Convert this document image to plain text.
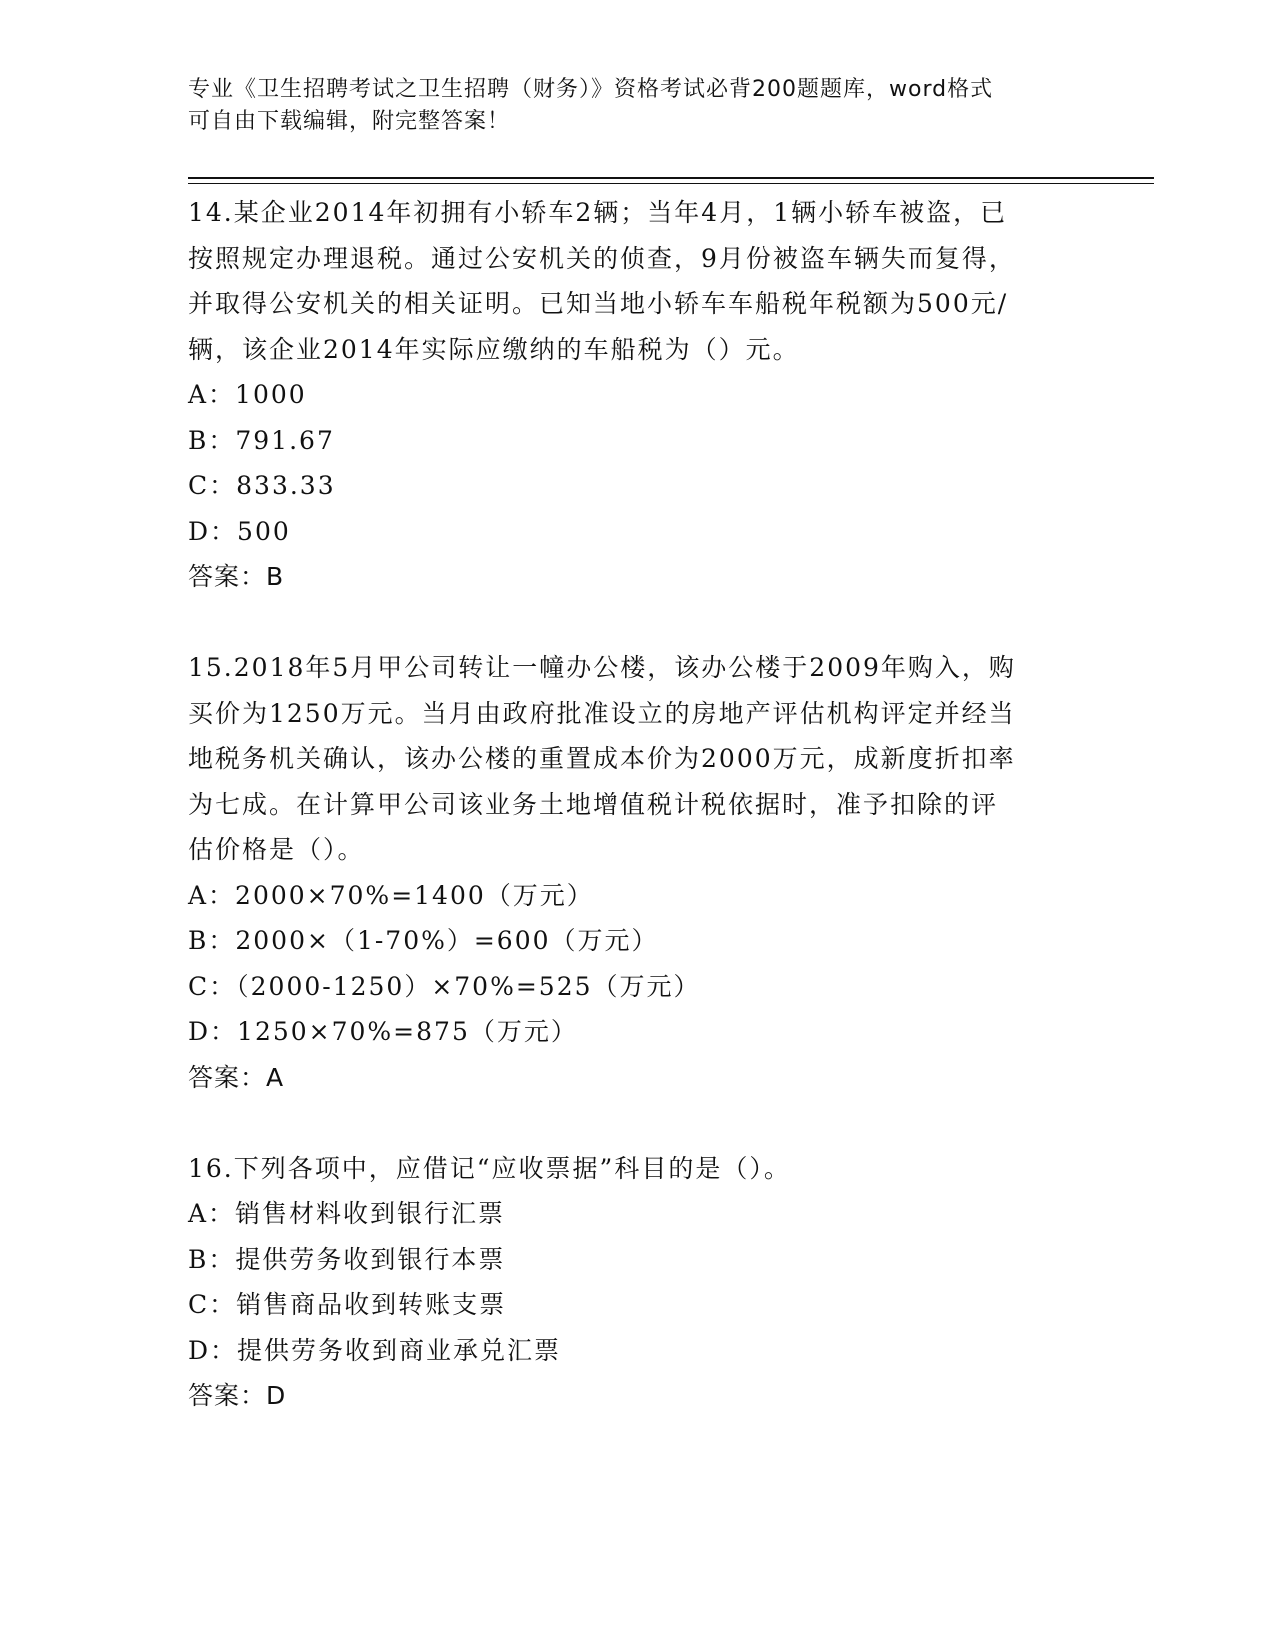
专业《卫生招聘考试之卫生招聘（财务）》资格考试必背200题题库，word格式
可自由下载编辑，附完整答案！
14.某企业2014年初拥有小轿车2辆；当年4月，1辆小轿车被盗，已
按照规定办理退税。通过公安机关的侦查，9月份被盗车辆失而复得，
并取得公安机关的相关证明。已知当地小轿车车船税年税额为500元/
辆，该企业2014年实际应缴纳的车船税为（）元。
A：1000
B：791.67
C：833.33
D：500
答案：B
15.2018年5月甲公司转让一幢办公楼，该办公楼于2009年购入，购
买价为1250万元。当月由政府批准设立的房地产评估机构评定并经当
地税务机关确认，该办公楼的重置成本价为2000万元，成新度折扣率
为七成。在计算甲公司该业务土地增值税计税依据时，准予扣除的评
估价格是（）。
A：2000×70%=1400（万元）
B：2000×（1-70%）=600（万元）
C：（2000-1250）×70%=525（万元）
D：1250×70%=875（万元）
答案：A
16.下列各项中，应借记“应收票据”科目的是（）。
A：销售材料收到银行汇票
B：提供劳务收到银行本票
C：销售商品收到转账支票
D：提供劳务收到商业承兑汇票
答案：D
